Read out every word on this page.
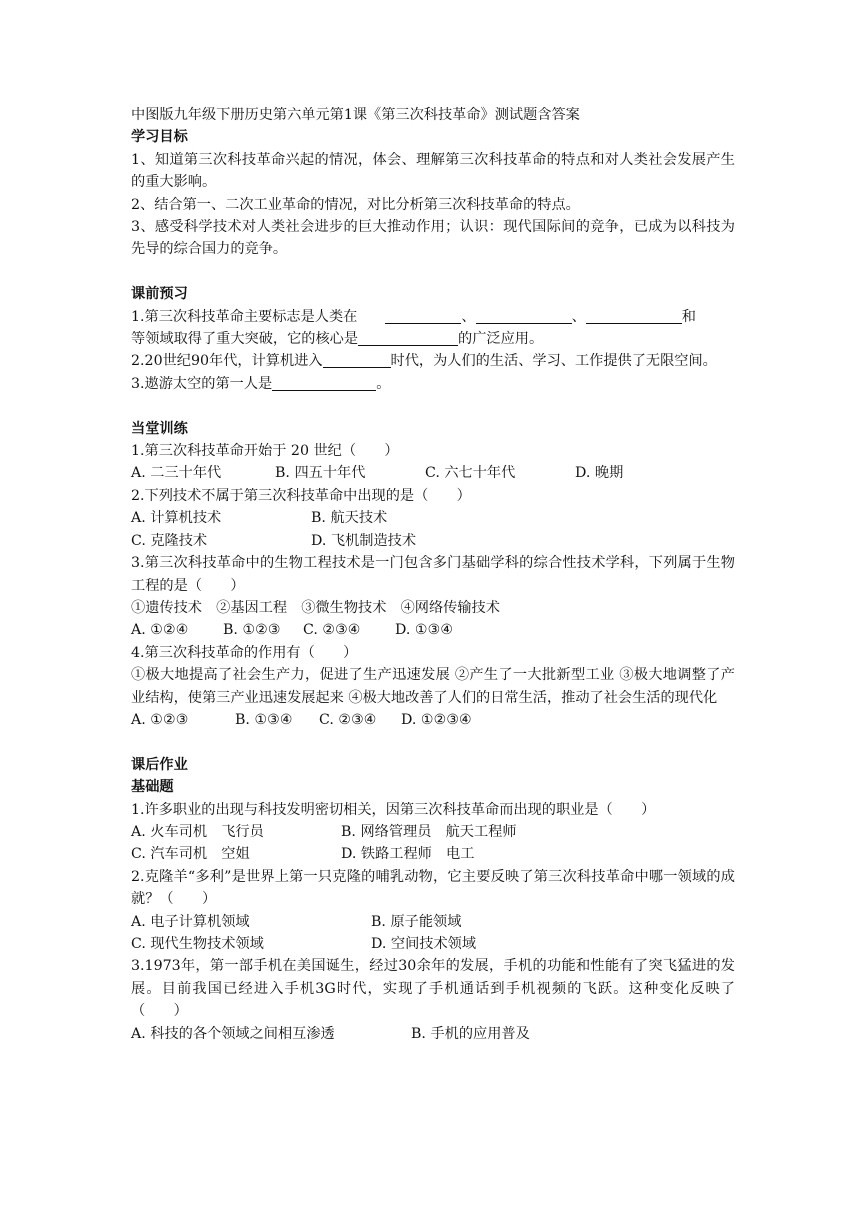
中图版九年级下册历史第六单元第1课《第三次科技革命》测试题含答案
学习目标
1、知道第三次科技革命兴起的情况，体会、理解第三次科技革命的特点和对人类社会发展产生的重大影响。
2、结合第一、二次工业革命的情况，对比分析第三次科技革命的特点。
3、感受科学技术对人类社会进步的巨大推动作用；认识：现代国际间的竞争，已成为以科技为先导的综合国力的竞争。
课前预习
1.第三次科技革命主要标志是人类在	、	、	和
等领域取得了重大突破，它的核心是	的广泛应用。
2.20世纪90年代，计算机进入	时代，为人们的生活、学习、工作提供了无限空间。
3.遨游太空的第一人是	。
当堂训练
1.第三次科技革命开始于 20 世纪（　　）
A. 二三十年代	B. 四五十年代	C. 六七十年代	D. 晚期
2.下列技术不属于第三次科技革命中出现的是（　　）
A. 计算机技术	B. 航天技术
C. 克隆技术	D. 飞机制造技术
3.第三次科技革命中的生物工程技术是一门包含多门基础学科的综合性技术学科，下列属于生物工程的是（　　）
①遗传技术　②基因工程　③微生物技术　④网络传输技术
A. ①②④ B. ①②③ C. ②③④ D. ①③④
4.第三次科技革命的作用有（　　）
①极大地提高了社会生产力，促进了生产迅速发展 ②产生了一大批新型工业 ③极大地调整了产业结构，使第三产业迅速发展起来 ④极大地改善了人们的日常生活，推动了社会生活的现代化
A. ①②③	B. ①③④ C. ②③④ D. ①②③④
课后作业
基础题
1.许多职业的出现与科技发明密切相关，因第三次科技革命而出现的职业是（　　）
A. 火车司机　飞行员	B. 网络管理员　航天工程师
C. 汽车司机　空姐	D. 铁路工程师　电工
2.克隆羊“多利”是世界上第一只克隆的哺乳动物，它主要反映了第三次科技革命中哪一领域的成就？（　　）
A. 电子计算机领域	B. 原子能领域
C. 现代生物技术领域	D. 空间技术领域
3.1973年，第一部手机在美国诞生，经过30余年的发展，手机的功能和性能有了突飞猛进的发展。目前我国已经进入手机3G时代，实现了手机通话到手机视频的飞跃。这种变化反映了（　　）
A. 科技的各个领域之间相互渗透	B. 手机的应用普及
